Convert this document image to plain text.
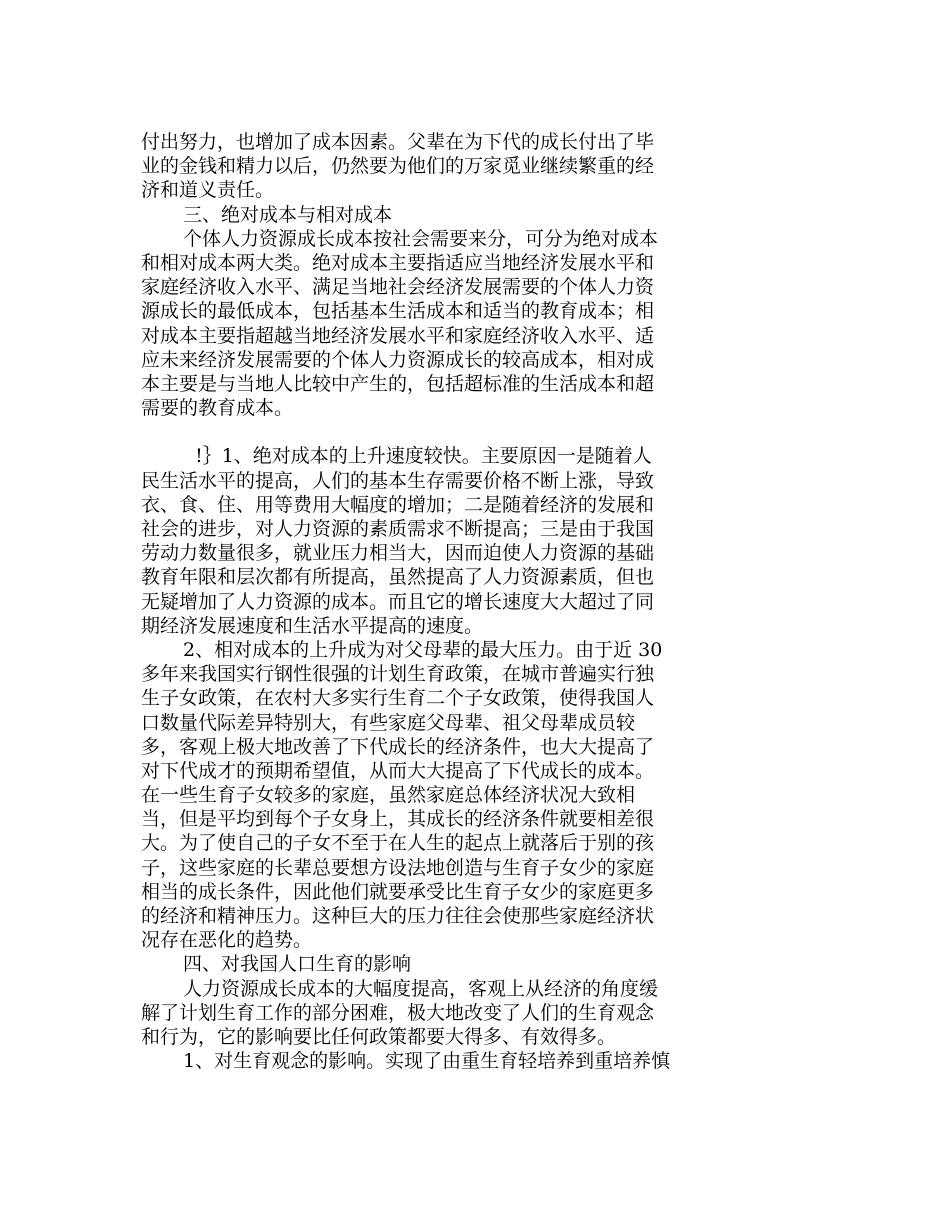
付出努力，也增加了成本因素。父辈在为下代的成长付出了毕
业的金钱和精力以后，仍然要为他们的万家觅业继续繁重的经
济和道义责任。
三、绝对成本与相对成本
个体人力资源成长成本按社会需要来分，可分为绝对成本
和相对成本两大类。绝对成本主要指适应当地经济发展水平和
家庭经济收入水平、满足当地社会经济发展需要的个体人力资
源成长的最低成本，包括基本生活成本和适当的教育成本；相
对成本主要指超越当地经济发展水平和家庭经济收入水平、适
应未来经济发展需要的个体人力资源成长的较高成本，相对成
本主要是与当地人比较中产生的，包括超标准的生活成本和超
需要的教育成本。
!｝1、绝对成本的上升速度较快。主要原因一是随着人
民生活水平的提高，人们的基本生存需要价格不断上涨，导致
衣、食、住、用等费用大幅度的增加；二是随着经济的发展和
社会的进步，对人力资源的素质需求不断提高；三是由于我国
劳动力数量很多，就业压力相当大，因而迫使人力资源的基础
教育年限和层次都有所提高，虽然提高了人力资源素质，但也
无疑增加了人力资源的成本。而且它的增长速度大大超过了同
期经济发展速度和生活水平提高的速度。
2、相对成本的上升成为对父母辈的最大压力。由于近 30
多年来我国实行钢性很强的计划生育政策，在城市普遍实行独
生子女政策，在农村大多实行生育二个子女政策，使得我国人
口数量代际差异特别大，有些家庭父母辈、祖父母辈成员较
多，客观上极大地改善了下代成长的经济条件，也大大提高了
对下代成才的预期希望值，从而大大提高了下代成长的成本。
在一些生育子女较多的家庭，虽然家庭总体经济状况大致相
当，但是平均到每个子女身上，其成长的经济条件就要相差很
大。为了使自己的子女不至于在人生的起点上就落后于别的孩
子，这些家庭的长辈总要想方设法地创造与生育子女少的家庭
相当的成长条件，因此他们就要承受比生育子女少的家庭更多
的经济和精神压力。这种巨大的压力往往会使那些家庭经济状
况存在恶化的趋势。
四、对我国人口生育的影响
人力资源成长成本的大幅度提高，客观上从经济的角度缓
解了计划生育工作的部分困难，极大地改变了人们的生育观念
和行为，它的影响要比任何政策都要大得多、有效得多。
1、对生育观念的影响。实现了由重生育轻培养到重培养慎
